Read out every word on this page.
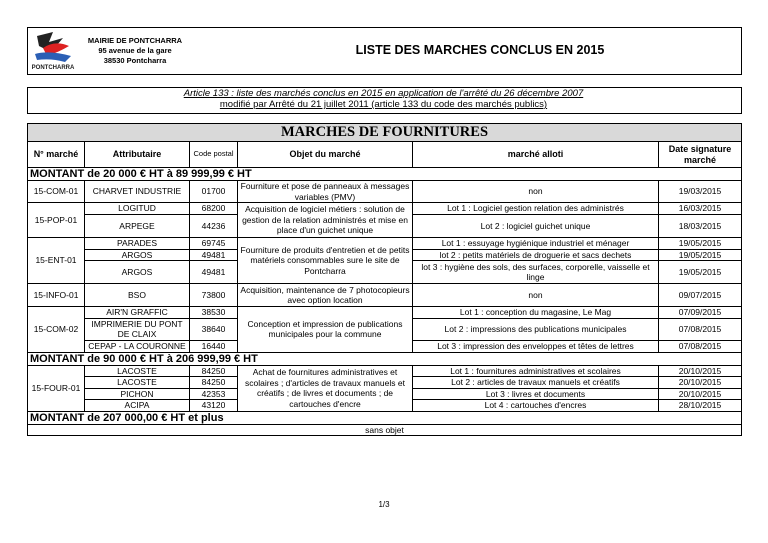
PONTCHARRA
MAIRIE DE PONTCHARRA
95 avenue de la gare
38530 Pontcharra
LISTE DES MARCHES CONCLUS EN 2015
Article 133 : liste des marchés conclus en 2015 en application de l'arrêté du 26 décembre 2007
modifié par Arrêté du 21 juillet 2011 (article 133 du code des marchés publics)
MARCHES DE FOURNITURES					
N° marché	Attributaire	Code postal	Objet du marché	marché alloti	Date signature marché
MONTANT de 20 000 € HT à 89 999,99 € HT					
15-COM-01	CHARVET INDUSTRIE	01700	Fourniture et pose de panneaux à messages variables (PMV)	non	19/03/2015
15-POP-01	LOGITUD	68200	Acquisition de logiciel métiers : solution de gestion de la relation administrés et mise en place d'un guichet unique	Lot 1 : Logiciel gestion relation des administrés	16/03/2015
	ARPEGE	44236		Lot 2 : logiciel guichet unique	18/03/2015
15-ENT-01	PARADES	69745	Fourniture de produits d'entretien et de petits matériels consommables sure le site de Pontcharra	Lot 1 : essuyage hygiénique industriel et ménager	19/05/2015
	ARGOS	49481		lot 2 : petits matériels de droguerie et sacs dechets	19/05/2015
	ARGOS	49481		lot 3 : hygiène des sols, des surfaces, corporelle, vaisselle et linge	19/05/2015
15-INFO-01	BSO	73800	Acquisition, maintenance de 7 photocopieurs avec option location	non	09/07/2015
15-COM-02	AIR'N GRAFFIC	38530	Conception et impression de publications municipales pour la commune	Lot 1 : conception du magasine, Le Mag	07/09/2015
	IMPRIMERIE DU PONT DE CLAIX	38640		Lot 2 : impressions des publications municipales	07/08/2015
	CEPAP - LA COURONNE	16440		Lot 3 : impression des enveloppes et têtes de lettres	07/08/2015
MONTANT de 90 000 € HT à 206 999,99 € HT					
15-FOUR-01	LACOSTE	84250	Achat de fournitures administratives et scolaires ; d'articles de travaux manuels et créatifs ; de livres et documents ; de cartouches d'encre	Lot 1 : fournitures administratives et scolaires	20/10/2015
	LACOSTE	84250		Lot 2 : articles de travaux manuels et créatifs	20/10/2015
	PICHON	42353		Lot 3 : livres et documents	20/10/2015
	ACIPA	43120		Lot 4 : cartouches d'encres	28/10/2015
MONTANT de 207 000,00 € HT et plus					
sans objet					
1/3
